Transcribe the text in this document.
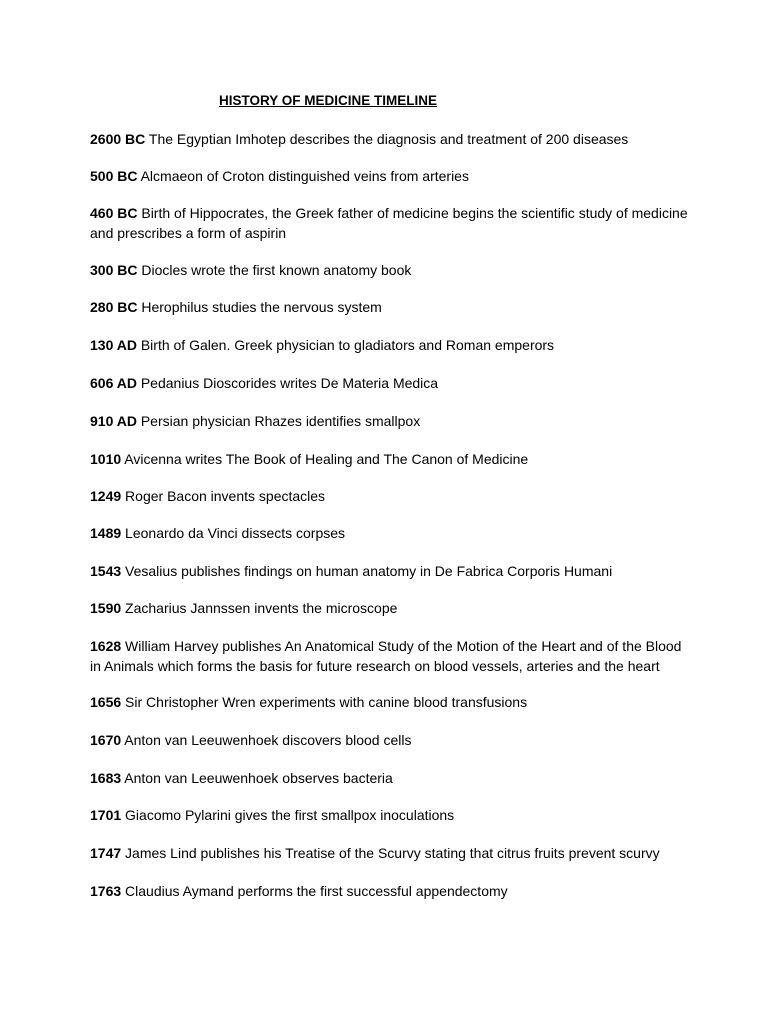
HISTORY OF MEDICINE TIMELINE

2600 BC The Egyptian Imhotep describes the diagnosis and treatment of 200 diseases

500 BC Alcmaeon of Croton distinguished veins from arteries

460 BC Birth of Hippocrates, the Greek father of medicine begins the scientific study of medicine and prescribes a form of aspirin

300 BC Diocles wrote the first known anatomy book

280 BC Herophilus studies the nervous system

130 AD Birth of Galen. Greek physician to gladiators and Roman emperors

606 AD Pedanius Dioscorides writes De Materia Medica

910 AD Persian physician Rhazes identifies smallpox

1010 Avicenna writes The Book of Healing and The Canon of Medicine

1249 Roger Bacon invents spectacles

1489 Leonardo da Vinci dissects corpses

1543 Vesalius publishes findings on human anatomy in De Fabrica Corporis Humani

1590 Zacharius Jannssen invents the microscope

1628 William Harvey publishes An Anatomical Study of the Motion of the Heart and of the Blood in Animals which forms the basis for future research on blood vessels, arteries and the heart

1656 Sir Christopher Wren experiments with canine blood transfusions

1670 Anton van Leeuwenhoek discovers blood cells

1683 Anton van Leeuwenhoek observes bacteria

1701 Giacomo Pylarini gives the first smallpox inoculations

1747 James Lind publishes his Treatise of the Scurvy stating that citrus fruits prevent scurvy

1763 Claudius Aymand performs the first successful appendectomy
